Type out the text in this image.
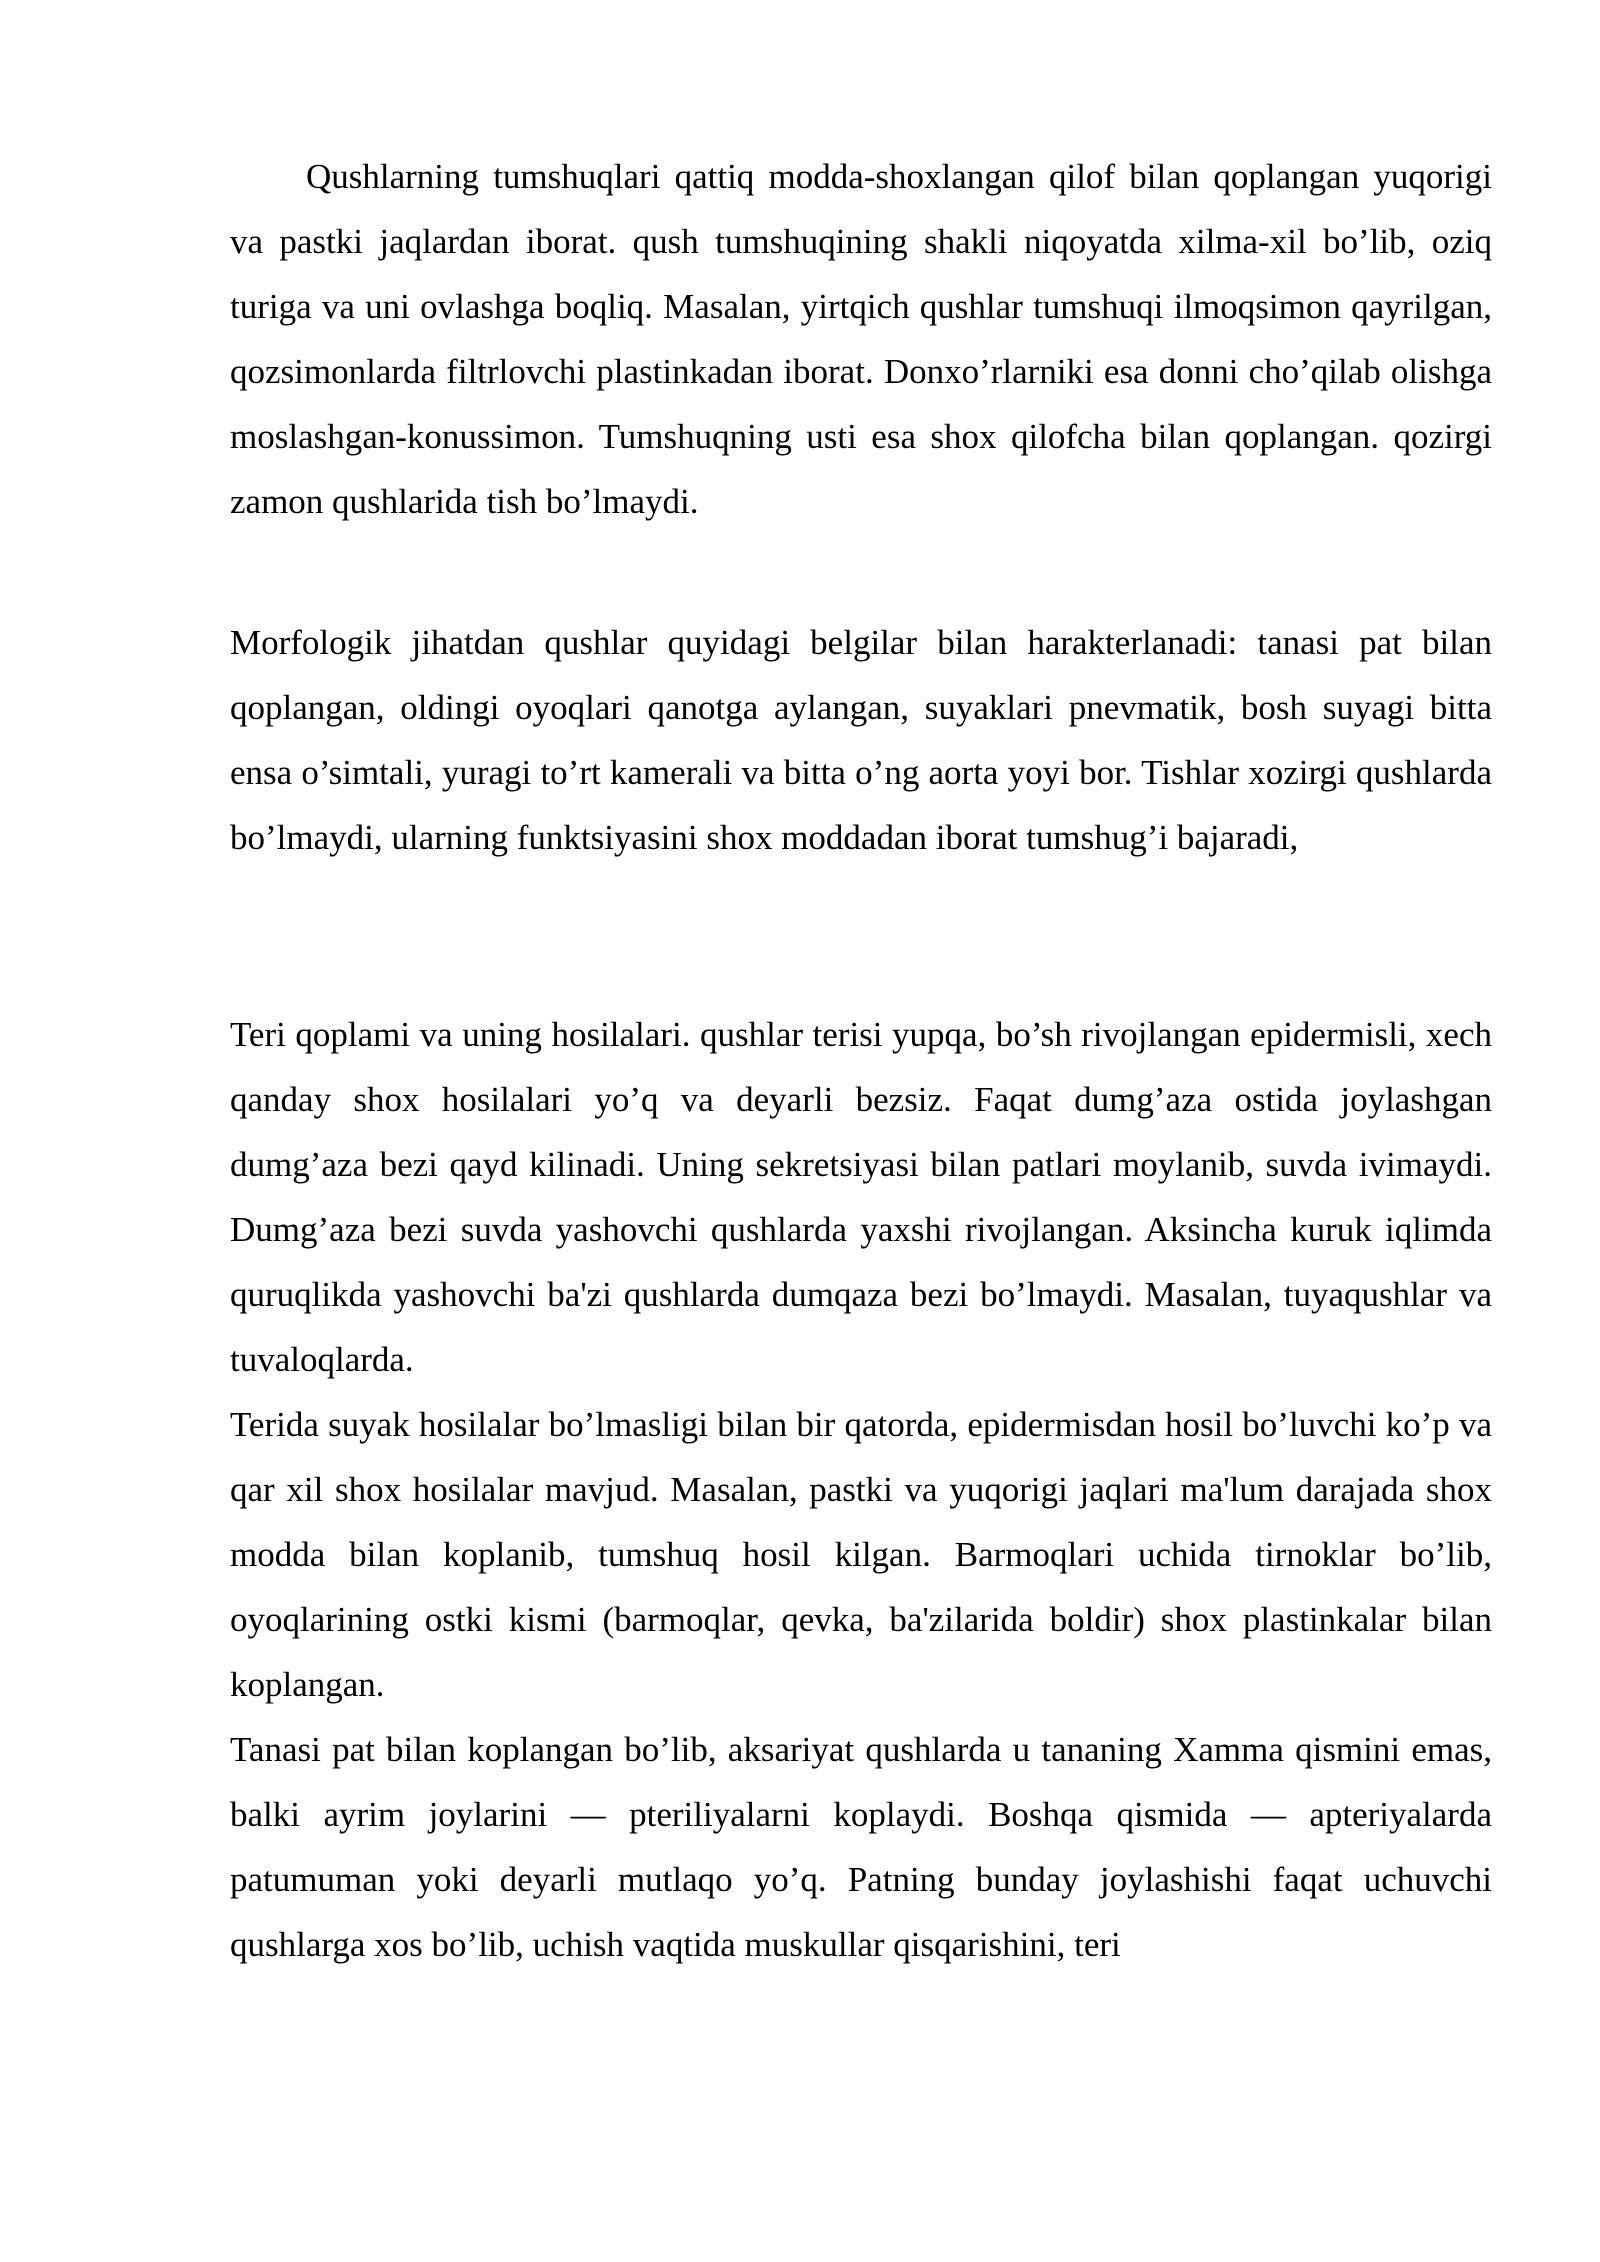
Qushlarning tumshuqlari qattiq modda-shoxlangan qilof bilan qoplangan yuqorigi va pastki jaqlardan iborat. qush tumshuqining shakli niqoyatda xilma-xil bo’lib, oziq turiga va uni ovlashga boqliq. Masalan, yirtqich qushlar tumshuqi ilmoqsimon qayrilgan, qozsimonlarda filtrlovchi plastinkadan iborat. Donxo’rlarniki esa donni cho’qilab olishga moslashgan-konussimon. Tumshuqning usti esa shox qilofcha bilan qoplangan. qozirgi zamon qushlarida tish bo’lmaydi.

Morfologik jihatdan qushlar quyidagi belgilar bilan harakterlanadi: tanasi pat bilan qoplangan, oldingi oyoqlari qanotga aylangan, suyaklari pnevmatik, bosh suyagi bitta ensa o’simtali, yuragi to’rt kamerali va bitta o’ng aorta yoyi bor. Tishlar xozirgi qushlarda bo’lmaydi, ularning funktsiyasini shox moddadan iborat tumshug’i bajaradi,

Teri qoplami va uning hosilalari. qushlar terisi yupqa, bo’sh rivojlangan epidermisli, xech qanday shox hosilalari yo’q va deyarli bezsiz. Faqat dumg’aza ostida joylashgan dumg’aza bezi qayd kilinadi. Uning sekretsiyasi bilan patlari moylanib, suvda ivimaydi. Dumg’aza bezi suvda yashovchi qushlarda yaxshi rivojlangan. Aksincha kuruk iqlimda quruqlikda yashovchi ba'zi qushlarda dumqaza bezi bo’lmaydi. Masalan, tuyaqushlar va tuvaloqlarda.

Terida suyak hosilalar bo’lmasligi bilan bir qatorda, epidermisdan hosil bo’luvchi ko’p va qar xil shox hosilalar mavjud. Masalan, pastki va yuqorigi jaqlari ma'lum darajada shox modda bilan koplanib, tumshuq hosil kilgan. Barmoqlari uchida tirnoklar bo’lib, oyoqlarining ostki kismi (barmoqlar, qevka, ba'zilarida boldir) shox plastinkalar bilan koplangan.

Tanasi pat bilan koplangan bo’lib, aksariyat qushlarda u tananing Xamma qismini emas, balki ayrim joylarini — pteriliyalarni koplaydi. Boshqa qismida — apteriyalarda patumuman yoki deyarli mutlaqo yo’q. Patning bunday joylashishi faqat uchuvchi qushlarga xos bo’lib, uchish vaqtida muskullar qisqarishini, teri
